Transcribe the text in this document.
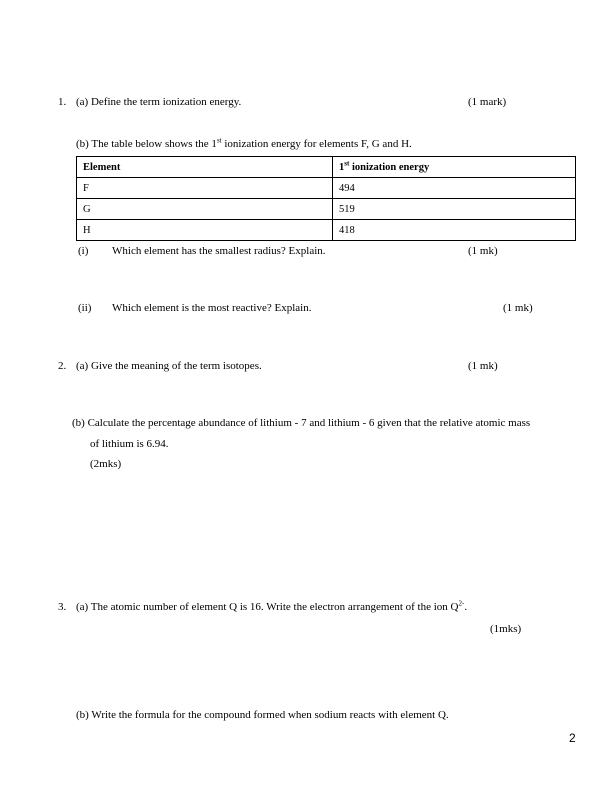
1. (a) Define the term ionization energy.	(1 mark)
(b) The table below shows the 1st ionization energy for elements F, G and H.
Element	1st ionization energy
F	494
G	519
H	418
(i) Which element has the smallest radius? Explain.	(1 mk)
(ii) Which element is the most reactive? Explain.	(1 mk)
2. (a) Give the meaning of the term isotopes.	(1 mk)
(b) Calculate the percentage abundance of lithium - 7 and lithium - 6 given that the relative atomic mass
of lithium is 6.94.
(2mks)
3. (a) The atomic number of element Q is 16. Write the electron arrangement of the ion $Q^{2-}$.
(1mks)
(b) Write the formula for the compound formed when sodium reacts with element Q.
2
